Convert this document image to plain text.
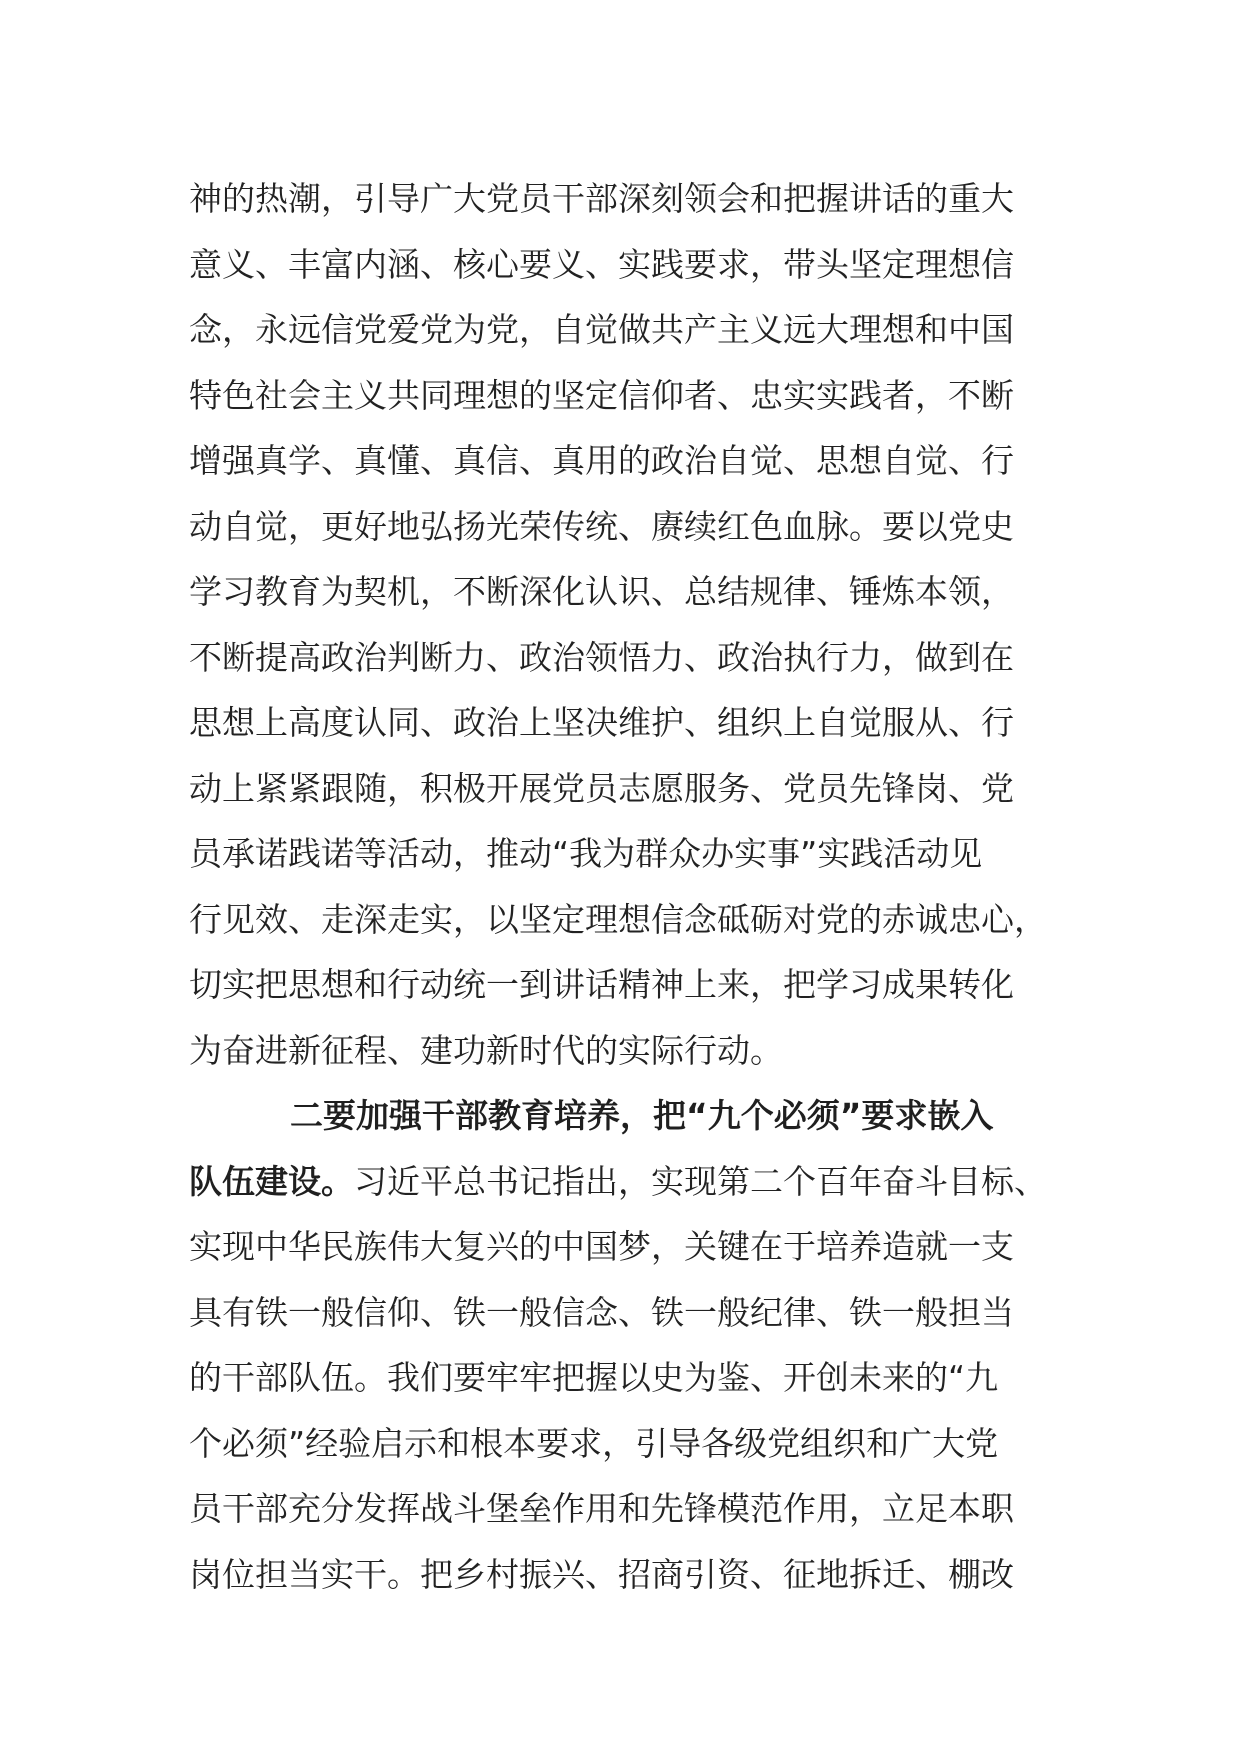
神的热潮，引导广大党员干部深刻领会和把握讲话的重大
意义、丰富内涵、核心要义、实践要求，带头坚定理想信
念，永远信党爱党为党，自觉做共产主义远大理想和中国
特色社会主义共同理想的坚定信仰者、忠实实践者，不断
增强真学、真懂、真信、真用的政治自觉、思想自觉、行
动自觉，更好地弘扬光荣传统、赓续红色血脉。要以党史
学习教育为契机，不断深化认识、总结规律、锤炼本领，
不断提高政治判断力、政治领悟力、政治执行力，做到在
思想上高度认同、政治上坚决维护、组织上自觉服从、行
动上紧紧跟随，积极开展党员志愿服务、党员先锋岗、党
员承诺践诺等活动，推动“我为群众办实事”实践活动见
行见效、走深走实，以坚定理想信念砥砺对党的赤诚忠心，
切实把思想和行动统一到讲话精神上来，把学习成果转化
为奋进新征程、建功新时代的实际行动。
二要加强干部教育培养，把“九个必须”要求嵌入
队伍建设。习近平总书记指出，实现第二个百年奋斗目标、
实现中华民族伟大复兴的中国梦，关键在于培养造就一支
具有铁一般信仰、铁一般信念、铁一般纪律、铁一般担当
的干部队伍。我们要牢牢把握以史为鉴、开创未来的“九
个必须”经验启示和根本要求，引导各级党组织和广大党
员干部充分发挥战斗堡垒作用和先锋模范作用，立足本职
岗位担当实干。把乡村振兴、招商引资、征地拆迁、棚改
